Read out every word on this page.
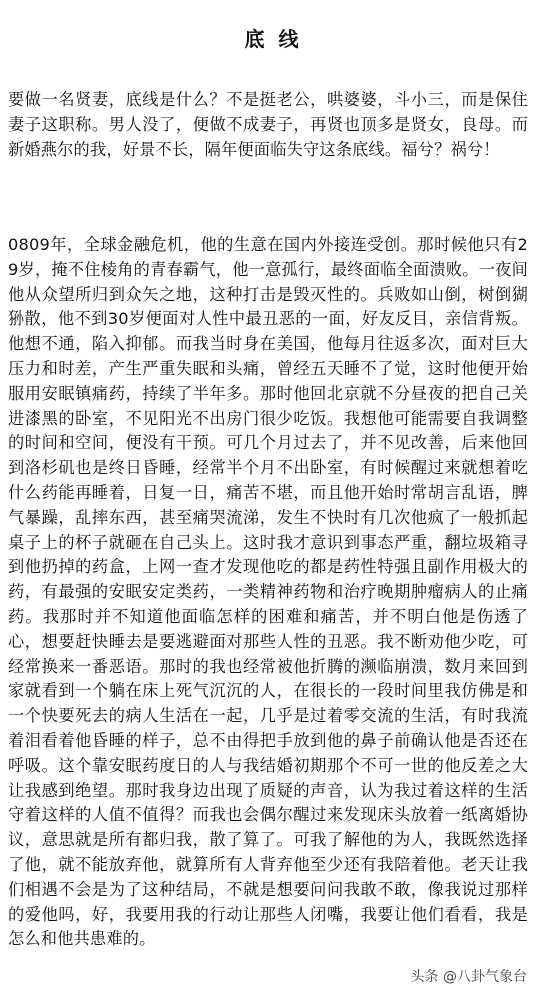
底线

要做一名贤妻，底线是什么？不是挺老公，哄婆婆，斗小三，而是保住妻子这职称。男人没了，便做不成妻子，再贤也顶多是贤女，良母。而新婚燕尔的我，好景不长，隔年便面临失守这条底线。福兮？祸兮！

0809年，全球金融危机，他的生意在国内外接连受创。那时候他只有29岁，掩不住棱角的青春霸气，他一意孤行，最终面临全面溃败。一夜间他从众望所归到众矢之地，这种打击是毁灭性的。兵败如山倒，树倒猢狲散，他不到30岁便面对人性中最丑恶的一面，好友反目，亲信背叛。他想不通，陷入抑郁。而我当时身在美国，他每月往返多次，面对巨大压力和时差，产生严重失眠和头痛，曾经五天睡不了觉，这时他便开始服用安眠镇痛药，持续了半年多。那时他回北京就不分昼夜的把自己关进漆黑的卧室，不见阳光不出房门很少吃饭。我想他可能需要自我调整的时间和空间，便没有干预。可几个月过去了，并不见改善，后来他回到洛杉矶也是终日昏睡，经常半个月不出卧室，有时候醒过来就想着吃什么药能再睡着，日复一日，痛苦不堪，而且他开始时常胡言乱语，脾气暴躁，乱摔东西，甚至痛哭流涕，发生不快时有几次他疯了一般抓起桌子上的杯子就砸在自己头上。这时我才意识到事态严重，翻垃圾箱寻到他扔掉的药盒，上网一查才发现他吃的都是药性特强且副作用极大的药，有最强的安眠安定类药，一类精神药物和治疗晚期肿瘤病人的止痛药。我那时并不知道他面临怎样的困难和痛苦，并不明白他是伤透了心，想要赶快睡去是要逃避面对那些人性的丑恶。我不断劝他少吃，可经常换来一番恶语。那时的我也经常被他折腾的濒临崩溃，数月来回到家就看到一个躺在床上死气沉沉的人，在很长的一段时间里我仿佛是和一个快要死去的病人生活在一起，几乎是过着零交流的生活，有时我流着泪看着他昏睡的样子，总不由得把手放到他的鼻子前确认他是否还在呼吸。这个靠安眠药度日的人与我结婚初期那个不可一世的他反差之大让我感到绝望。那时我身边出现了质疑的声音，认为我过着这样的生活守着这样的人值不值得？而我也会偶尔醒过来发现床头放着一纸离婚协议，意思就是所有都归我，散了算了。可我了解他的为人，我既然选择了他，就不能放弃他，就算所有人背弃他至少还有我陪着他。老天让我们相遇不会是为了这种结局，不就是想要问问我敢不敢，像我说过那样的爱他吗，好，我要用我的行动让那些人闭嘴，我要让他们看看，我是怎么和他共患难的。

头条 @八卦气象台
